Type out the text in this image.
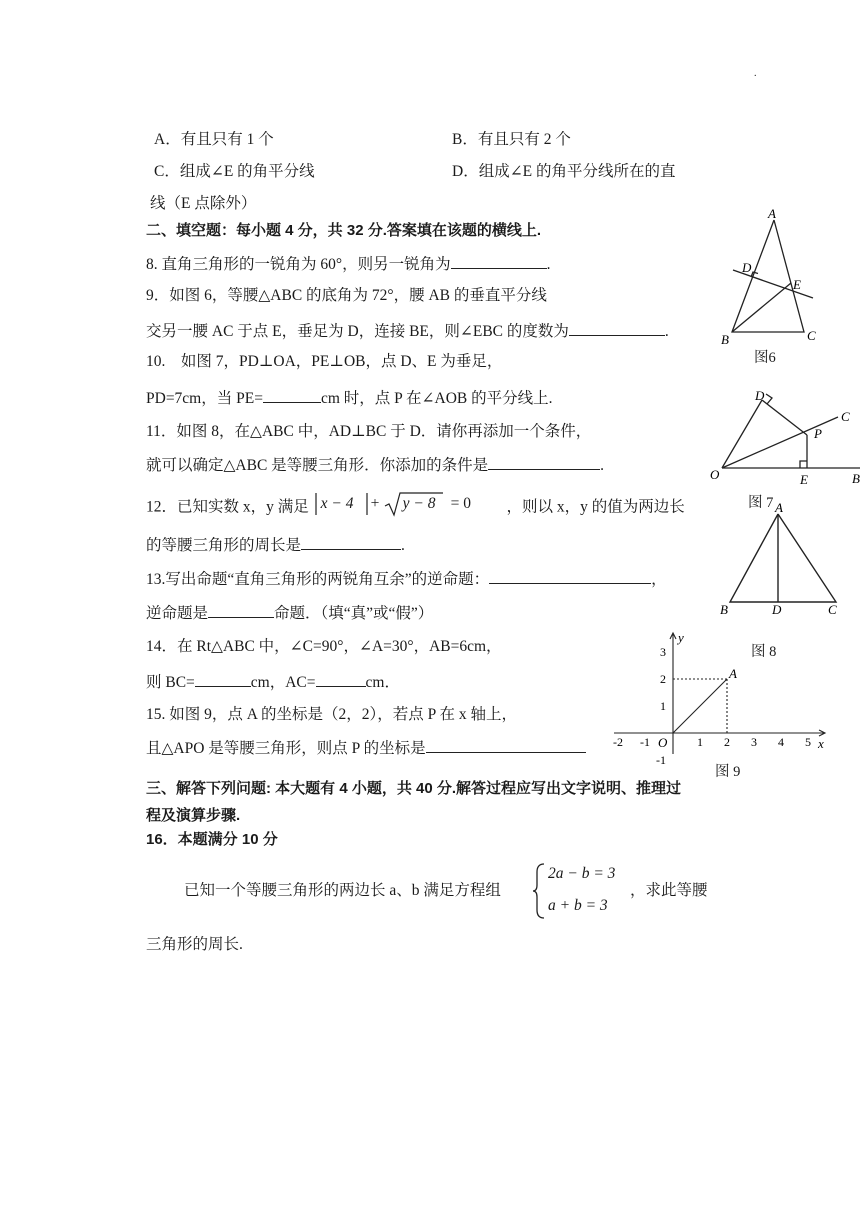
.
A．有且只有 1 个	B．有且只有 2 个
C．组成∠E 的角平分线	D．组成∠E 的角平分线所在的直
线（E 点除外）
二、填空题：每小题 4 分，共 32 分.答案填在该题的横线上.
8. 直角三角形的一锐角为 60°，则另一锐角为	.
9．如图 6，等腰△ABC 的底角为 72°，腰 AB 的垂直平分线
交另一腰 AC 于点 E，垂足为 D，连接 BE，则∠EBC 的度数为	.
10.　如图 7，PD⊥OA，PE⊥OB，点 D、E 为垂足，
PD=7cm，当 PE=	cm 时，点 P 在∠AOB 的平分线上.
11．如图 8，在△ABC 中，AD⊥BC 于 D．请你再添加一个条件，
就可以确定△ABC 是等腰三角形．你添加的条件是	.
12．已知实数 x，y 满足 x − 4 + y − 8 = 0 ，则以 x，y 的值为两边长
的等腰三角形的周长是	.
13.写出命题“直角三角形的两锐角互余”的逆命题：	，
逆命题是	命题．（填“真”或“假”）
14．在 Rt△ABC 中，∠C=90°，∠A=30°，AB=6cm，
则 BC=	cm，AC=	cm．
15. 如图 9，点 A 的坐标是（2，2），若点 P 在 x 轴上，
且△APO 是等腰三角形，则点 P 的坐标是
三、解答下列问题: 本大题有 4 小题，共 40 分.解答过程应写出文字说明、推理过
程及演算步骤.
16．本题满分 10 分
已知一个等腰三角形的两边长 a、b 满足方程组
2a − b = 3
a + b = 3
，求此等腰
三角形的周长.
A
B	C
D
E
图6
O
D
P
C
E	B
图 7 A
B	D	C
图 8
-2 -1	1 2 3 4 5
3
2
1
-1
y
x
O
A
图 9
